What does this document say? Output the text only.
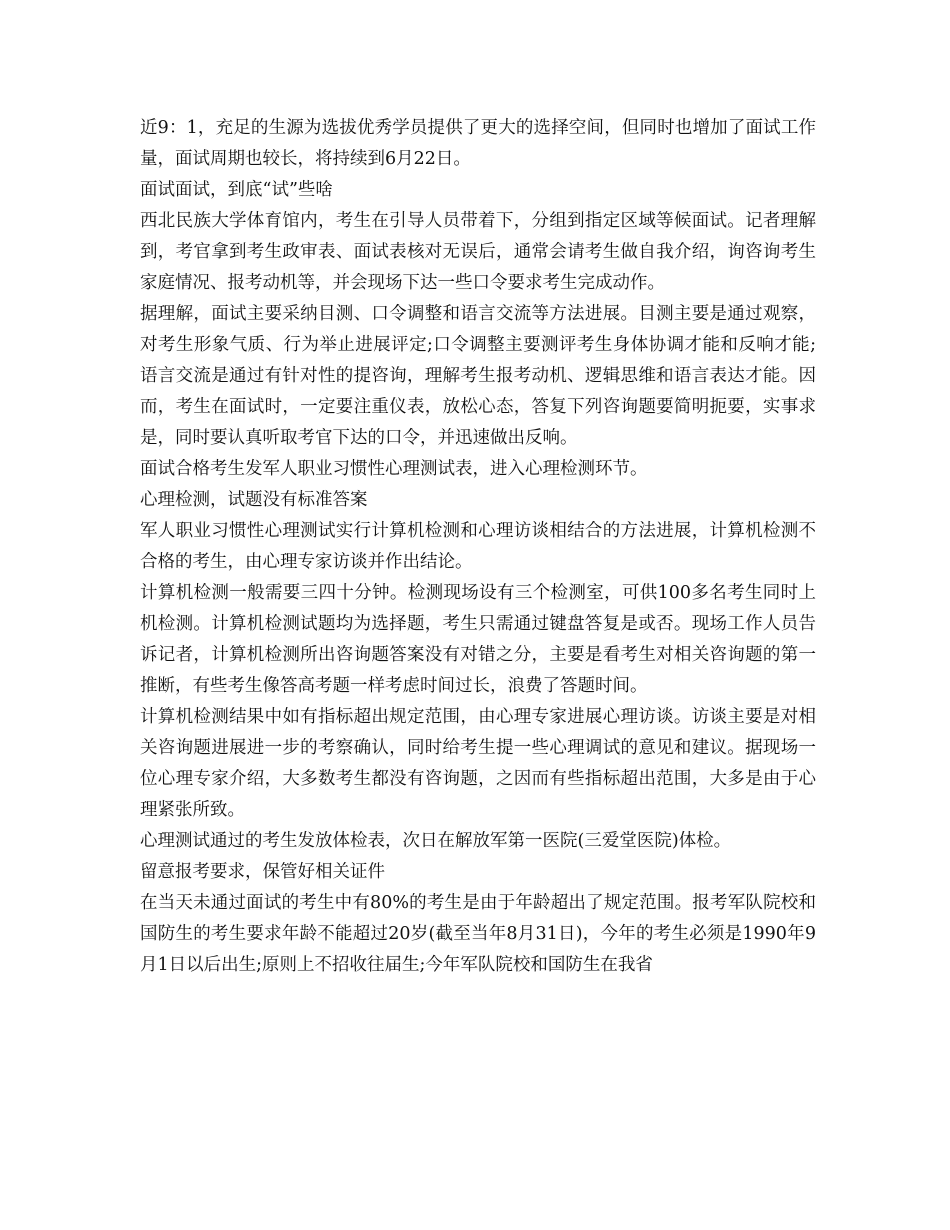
近9：1，充足的生源为选拔优秀学员提供了更大的选择空间，但同时也增加了面试工作量，面试周期也较长，将持续到6月22日。

面试面试，到底“试”些啥

西北民族大学体育馆内，考生在引导人员带着下，分组到指定区域等候面试。记者理解到，考官拿到考生政审表、面试表核对无误后，通常会请考生做自我介绍，询咨询考生家庭情况、报考动机等，并会现场下达一些口令要求考生完成动作。

据理解，面试主要采纳目测、口令调整和语言交流等方法进展。目测主要是通过观察，对考生形象气质、行为举止进展评定;口令调整主要测评考生身体协调才能和反响才能;语言交流是通过有针对性的提咨询，理解考生报考动机、逻辑思维和语言表达才能。因而，考生在面试时，一定要注重仪表，放松心态，答复下列咨询题要简明扼要，实事求是，同时要认真听取考官下达的口令，并迅速做出反响。

面试合格考生发军人职业习惯性心理测试表，进入心理检测环节。

心理检测，试题没有标准答案

军人职业习惯性心理测试实行计算机检测和心理访谈相结合的方法进展，计算机检测不合格的考生，由心理专家访谈并作出结论。

计算机检测一般需要三四十分钟。检测现场设有三个检测室，可供100多名考生同时上机检测。计算机检测试题均为选择题，考生只需通过键盘答复是或否。现场工作人员告诉记者，计算机检测所出咨询题答案没有对错之分，主要是看考生对相关咨询题的第一推断，有些考生像答高考题一样考虑时间过长，浪费了答题时间。

计算机检测结果中如有指标超出规定范围，由心理专家进展心理访谈。访谈主要是对相关咨询题进展进一步的考察确认，同时给考生提一些心理调试的意见和建议。据现场一位心理专家介绍，大多数考生都没有咨询题，之因而有些指标超出范围，大多是由于心理紧张所致。

心理测试通过的考生发放体检表，次日在解放军第一医院(三爱堂医院)体检。

留意报考要求，保管好相关证件

在当天未通过面试的考生中有80%的考生是由于年龄超出了规定范围。报考军队院校和国防生的考生要求年龄不能超过20岁(截至当年8月31日)，今年的考生必须是1990年9月1日以后出生;原则上不招收往届生;今年军队院校和国防生在我省
